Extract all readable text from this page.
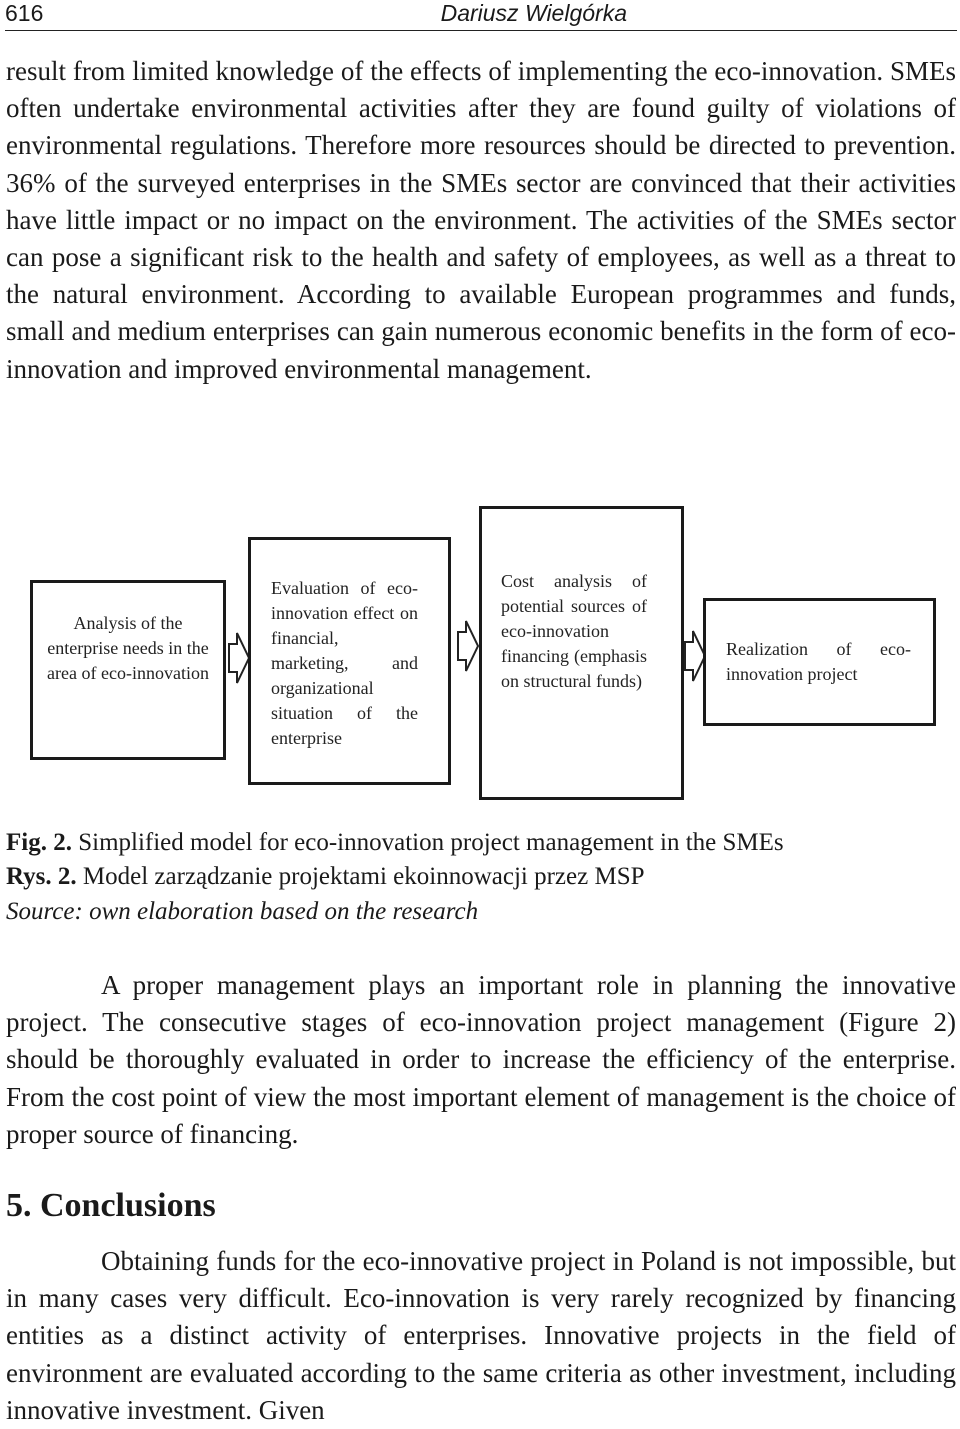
616	Dariusz Wielgórka

result from limited knowledge of the effects of implementing the eco-innovation. SMEs often undertake environmental activities after they are found guilty of violations of environmental regulations. Therefore more resources should be directed to prevention. 36% of the surveyed enterprises in the SMEs sector are convinced that their activities have little impact or no impact on the environment. The activities of the SMEs sector can pose a significant risk to the health and safety of employees, as well as a threat to the natural environment. According to available European programmes and funds, small and medium enterprises can gain numerous economic benefits in the form of eco-innovation and improved environmental management.

Analysis of the enterprise needs in the area of eco-innovation
Evaluation of eco-innovation effect on financial, marketing, and organizational situation of the enterprise
Cost analysis of potential sources of eco-innovation financing (emphasis on structural funds)
Realization of eco-innovation project
Fig. 2. Simplified model for eco-innovation project management in the SMEs
Rys. 2. Model zarządzanie projektami ekoinnowacji przez MSP
Source: own elaboration based on the research

A proper management plays an important role in planning the innovative project. The consecutive stages of eco-innovation project management (Figure 2) should be thoroughly evaluated in order to increase the efficiency of the enterprise. From the cost point of view the most important element of management is the choice of proper source of financing.

5. Conclusions

Obtaining funds for the eco-innovative project in Poland is not impossible, but in many cases very difficult. Eco-innovation is very rarely recognized by financing entities as a distinct activity of enterprises. Innovative projects in the field of environment are evaluated according to the same criteria as other investment, including innovative investment. Given
